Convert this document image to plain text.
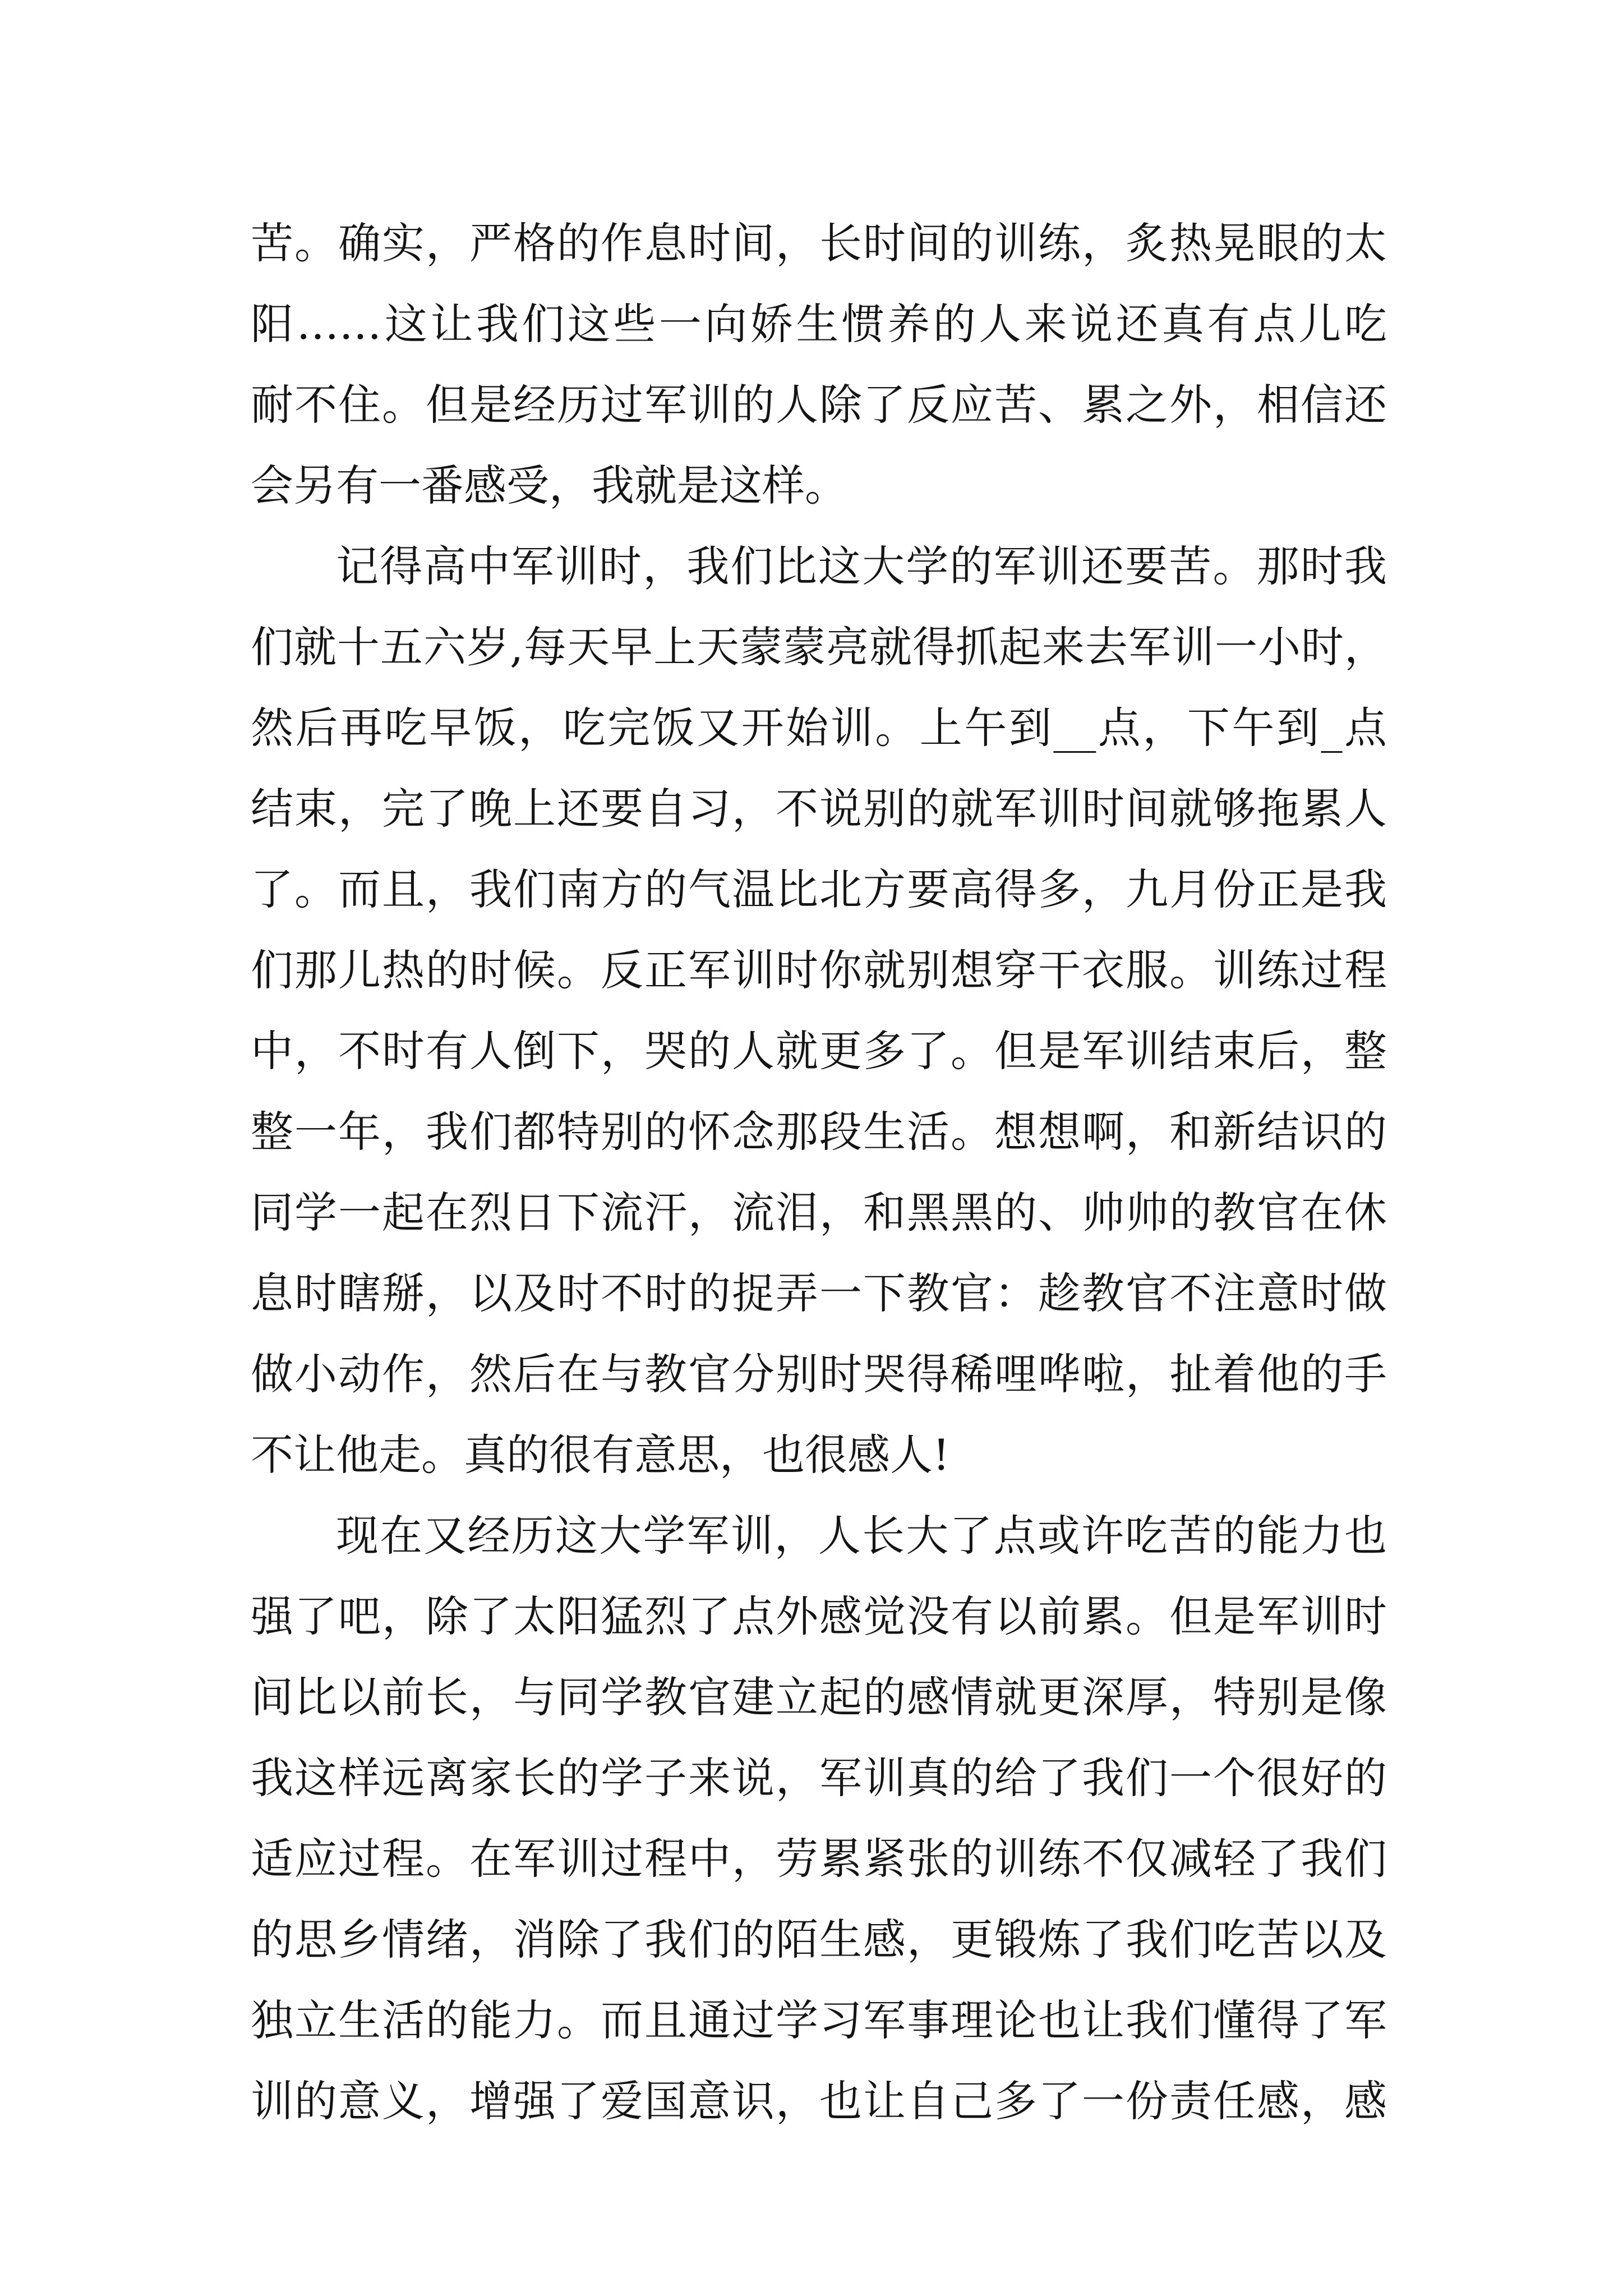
苦。确实，严格的作息时间，长时间的训练，炙热晃眼的太
阳……这让我们这些一向娇生惯养的人来说还真有点儿吃
耐不住。但是经历过军训的人除了反应苦、累之外，相信还
会另有一番感受，我就是这样。
记得高中军训时，我们比这大学的军训还要苦。那时我
们就十五六岁,每天早上天蒙蒙亮就得抓起来去军训一小时，
然后再吃早饭，吃完饭又开始训。上午到__点，下午到_点
结束，完了晚上还要自习，不说别的就军训时间就够拖累人
了。而且，我们南方的气温比北方要高得多，九月份正是我
们那儿热的时候。反正军训时你就别想穿干衣服。训练过程
中，不时有人倒下，哭的人就更多了。但是军训结束后，整
整一年，我们都特别的怀念那段生活。想想啊，和新结识的
同学一起在烈日下流汗，流泪，和黑黑的、帅帅的教官在休
息时瞎掰，以及时不时的捉弄一下教官：趁教官不注意时做
做小动作，然后在与教官分别时哭得稀哩哗啦，扯着他的手
不让他走。真的很有意思，也很感人!
现在又经历这大学军训，人长大了点或许吃苦的能力也
强了吧，除了太阳猛烈了点外感觉没有以前累。但是军训时
间比以前长，与同学教官建立起的感情就更深厚，特别是像
我这样远离家长的学子来说，军训真的给了我们一个很好的
适应过程。在军训过程中，劳累紧张的训练不仅减轻了我们
的思乡情绪，消除了我们的陌生感，更锻炼了我们吃苦以及
独立生活的能力。而且通过学习军事理论也让我们懂得了军
训的意义，增强了爱国意识，也让自己多了一份责任感，感
